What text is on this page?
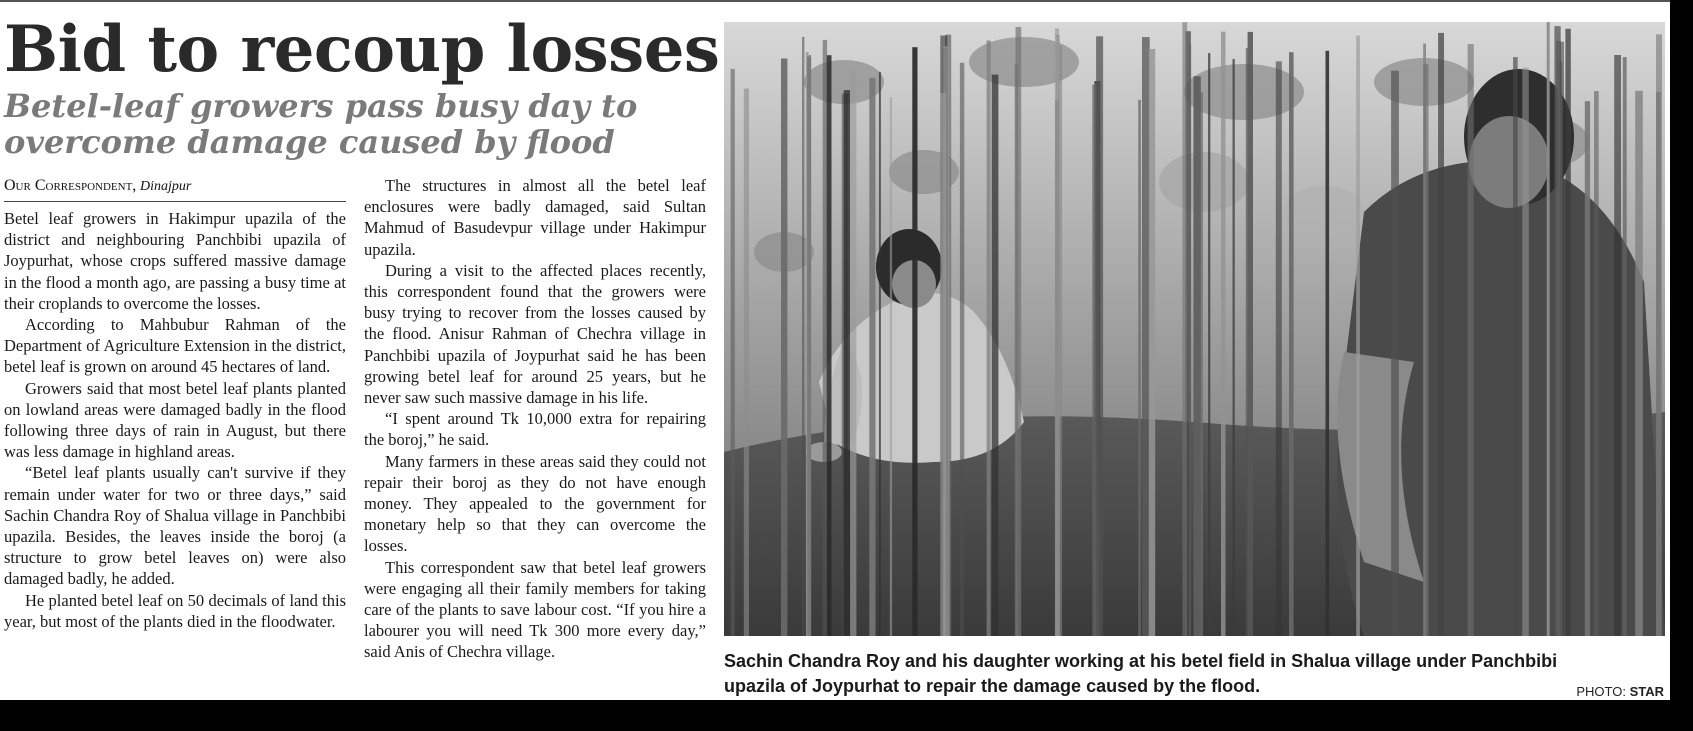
Bid to recoup losses
Betel-leaf growers pass busy day to overcome damage caused by flood
Our Correspondent, Dinajpur

Betel leaf growers in Hakimpur upazila of the district and neighbouring Panchbibi upazila of Joypurhat, whose crops suffered massive damage in the flood a month ago, are passing a busy time at their croplands to overcome the losses.

According to Mahbubur Rahman of the Department of Agriculture Extension in the district, betel leaf is grown on around 45 hectares of land.

Growers said that most betel leaf plants planted on lowland areas were damaged badly in the flood following three days of rain in August, but there was less damage in highland areas.

“Betel leaf plants usually can't survive if they remain under water for two or three days,” said Sachin Chandra Roy of Shalua village in Panchbibi upazila. Besides, the leaves inside the boroj (a structure to grow betel leaves on) were also damaged badly, he added.

He planted betel leaf on 50 decimals of land this year, but most of the plants died in the floodwater.

The structures in almost all the betel leaf enclosures were badly damaged, said Sultan Mahmud of Basudevpur village under Hakimpur upazila.

During a visit to the affected places recently, this correspondent found that the growers were busy trying to recover from the losses caused by the flood. Anisur Rahman of Chechra village in Panchbibi upazila of Joypurhat said he has been growing betel leaf for around 25 years, but he never saw such massive damage in his life.

“I spent around Tk 10,000 extra for repairing the boroj,” he said.

Many farmers in these areas said they could not repair their boroj as they do not have enough money. They appealed to the government for monetary help so that they can overcome the losses.

This correspondent saw that betel leaf growers were engaging all their family members for taking care of the plants to save labour cost. “If you hire a labourer you will need Tk 300 more every day,” said Anis of Chechra village.	Sachin Chandra Roy and his daughter working at his betel field in Shalua village under Panchbibi upazila of Joypurhat to repair the damage caused by the flood.	PHOTO: STAR
